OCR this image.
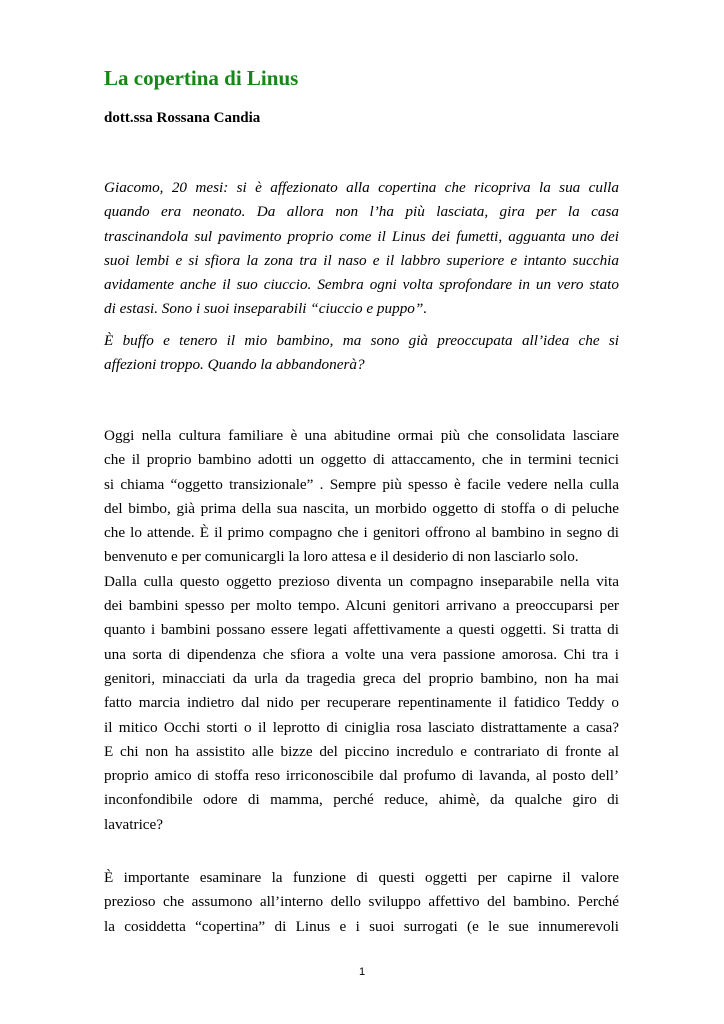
La copertina di Linus
dott.ssa Rossana Candia
Giacomo, 20 mesi: si è affezionato alla copertina che ricopriva la sua culla
quando era neonato. Da allora non l’ha più lasciata, gira per la casa
trascinandola sul pavimento proprio come il Linus dei fumetti, agguanta uno dei
suoi lembi e si sfiora la zona tra il naso e il labbro superiore e intanto succhia
avidamente anche il suo ciuccio. Sembra ogni volta sprofondare in un vero stato
di estasi. Sono i suoi inseparabili “ciuccio e puppo”.
È buffo e tenero il mio bambino, ma sono già preoccupata all’idea che si
affezioni troppo. Quando la abbandonerà?
Oggi nella cultura familiare è una abitudine ormai più che consolidata lasciare
che il proprio bambino adotti un oggetto di attaccamento, che in termini tecnici
si chiama “oggetto transizionale” . Sempre più spesso è facile vedere nella culla
del bimbo, già prima della sua nascita, un morbido oggetto di stoffa o di peluche
che lo attende. È il primo compagno che i genitori offrono al bambino in segno di
benvenuto e per comunicargli la loro attesa e il desiderio di non lasciarlo solo.
Dalla culla questo oggetto prezioso diventa un compagno inseparabile nella vita
dei bambini spesso per molto tempo. Alcuni genitori arrivano a preoccuparsi per
quanto i bambini possano essere legati affettivamente a questi oggetti. Si tratta di
una sorta di dipendenza che sfiora a volte una vera passione amorosa. Chi tra i
genitori, minacciati da urla da tragedia greca del proprio bambino, non ha mai
fatto marcia indietro dal nido per recuperare repentinamente il fatidico Teddy o
il mitico Occhi storti o il leprotto di ciniglia rosa lasciato distrattamente a casa?
E chi non ha assistito alle bizze del piccino incredulo e contrariato di fronte al
proprio amico di stoffa reso irriconoscibile dal profumo di lavanda, al posto dell’
inconfondibile odore di mamma, perché reduce, ahimè, da qualche giro di
lavatrice?
È importante esaminare la funzione di questi oggetti per capirne il valore
prezioso che assumono all’interno dello sviluppo affettivo del bambino. Perché
la cosiddetta “copertina” di Linus e i suoi surrogati (e le sue innumerevoli
1
